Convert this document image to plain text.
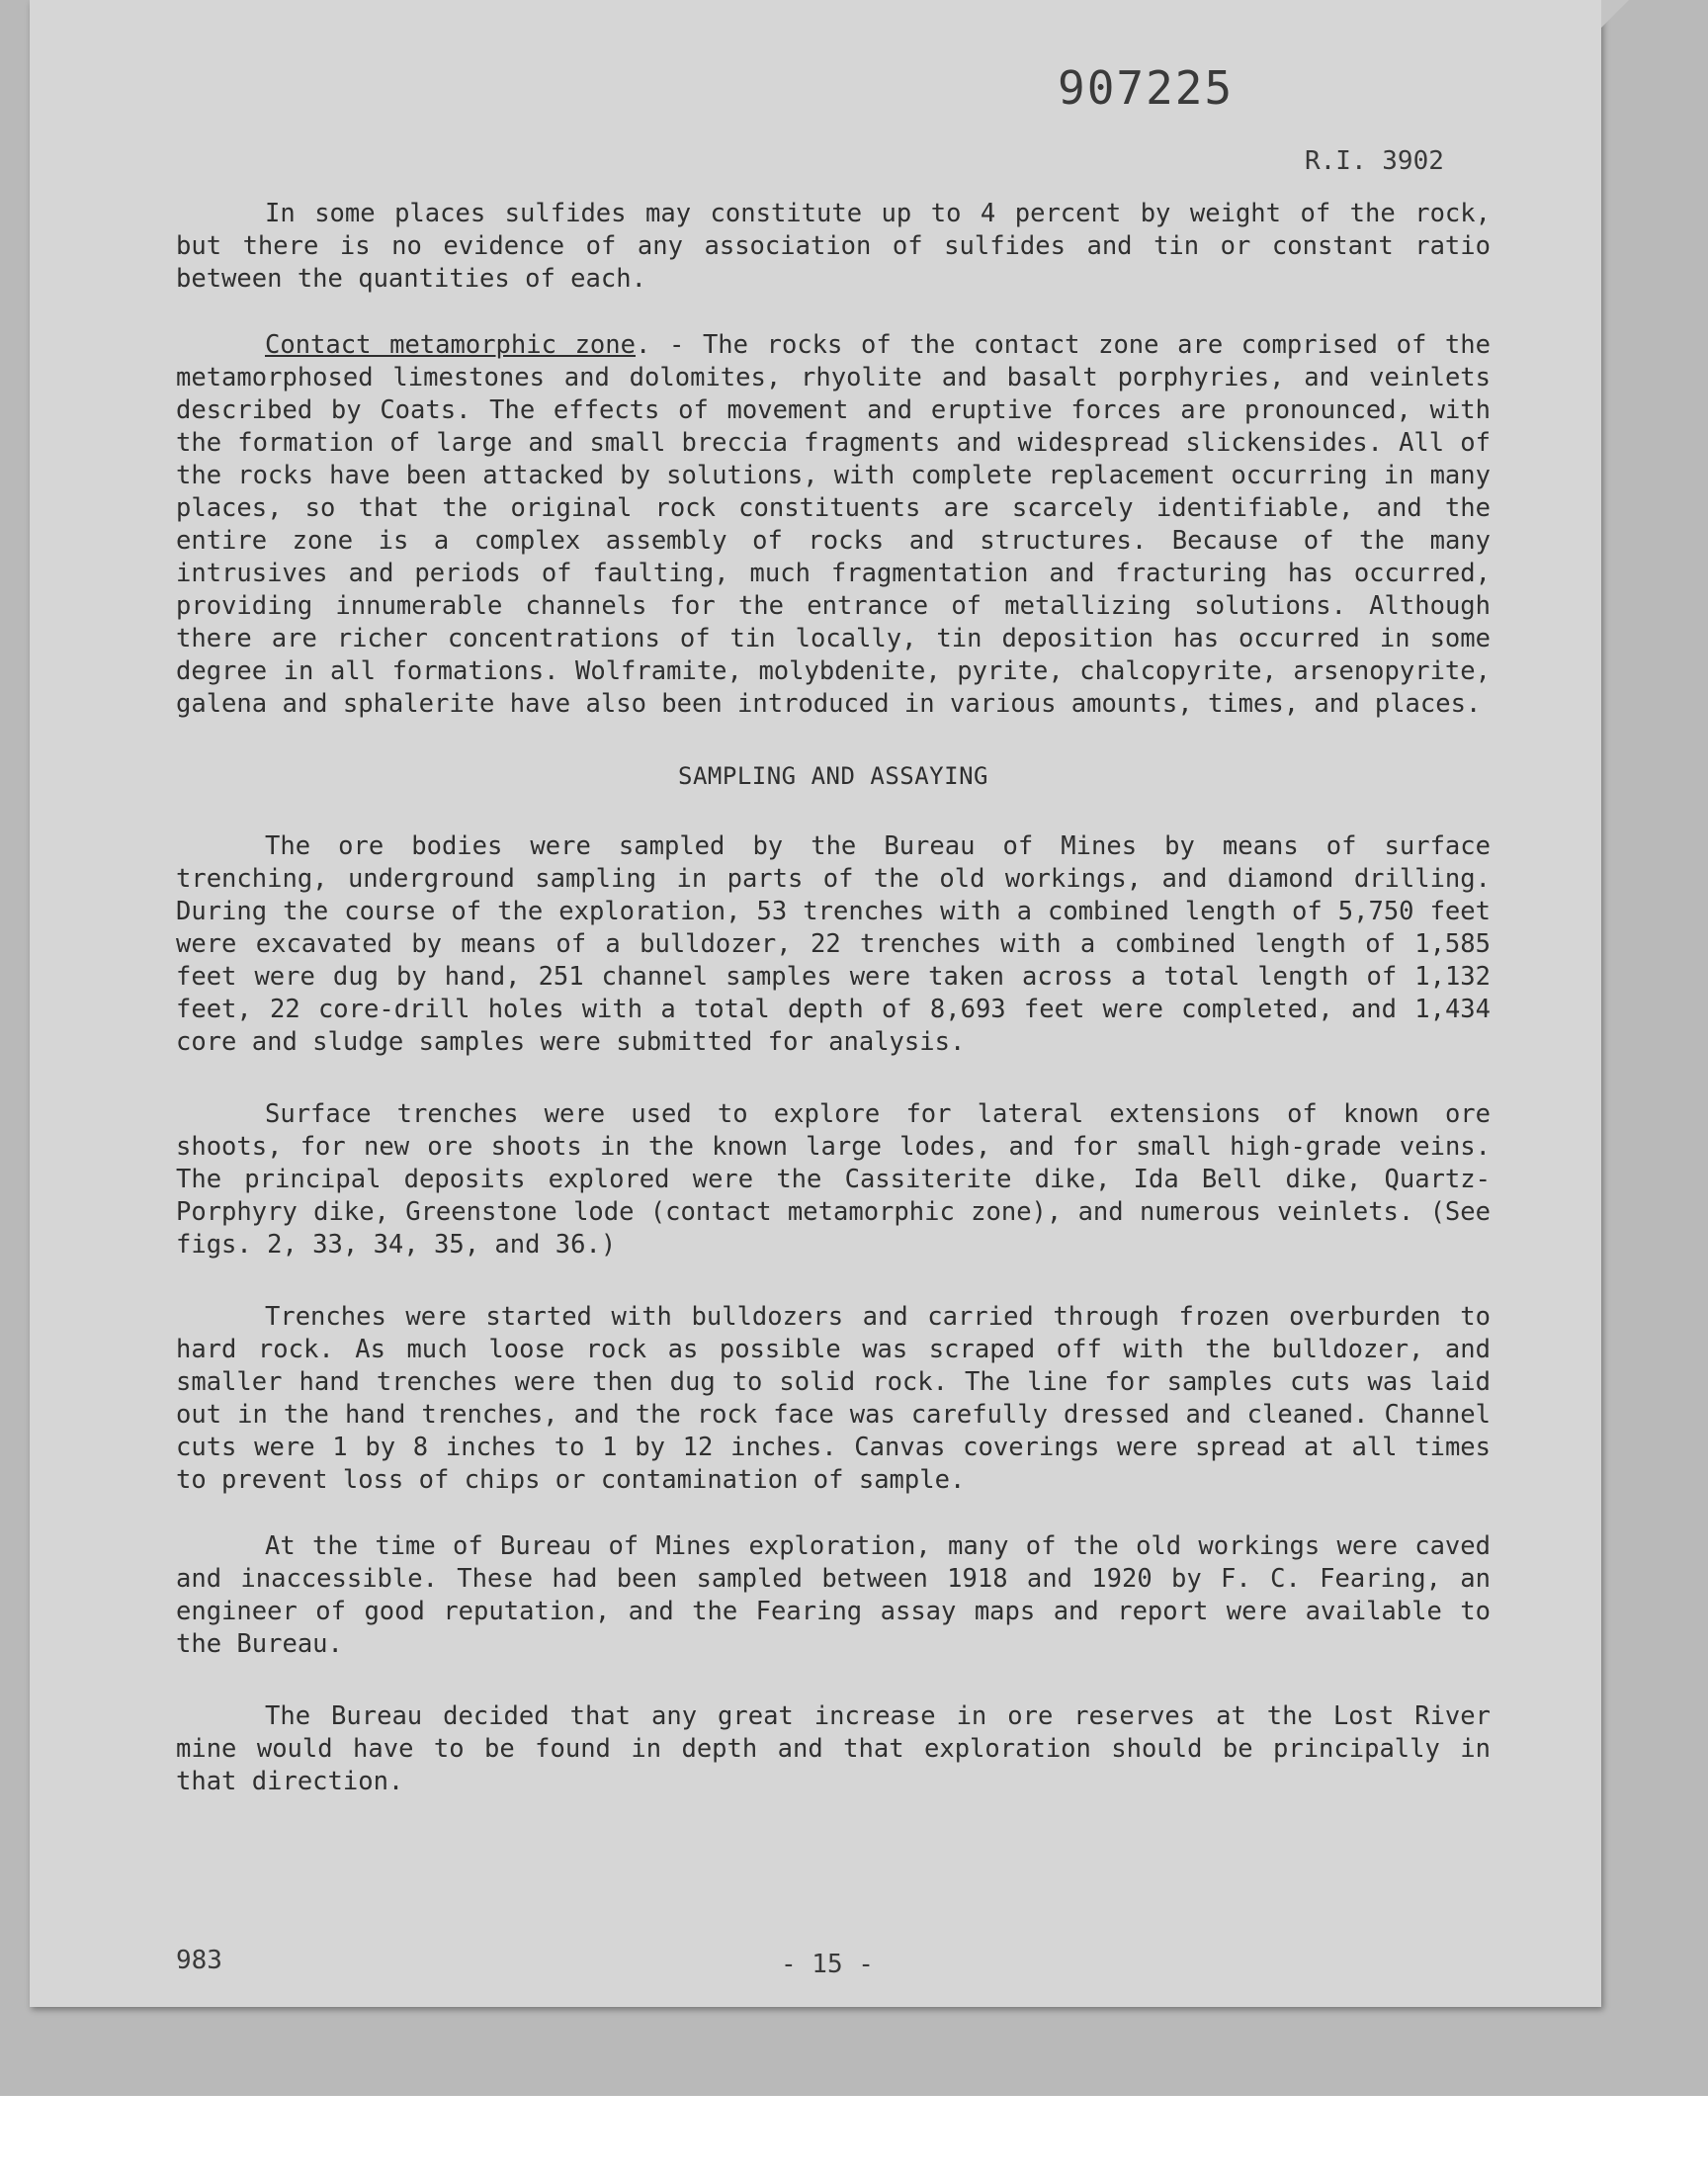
907225
R.I. 3902

In some places sulfides may constitute up to 4 percent by weight of the rock, but there is no evidence of any association of sulfides and tin or constant ratio between the quantities of each.

Contact metamorphic zone. - The rocks of the contact zone are comprised of the metamorphosed limestones and dolomites, rhyolite and basalt porphyries, and veinlets described by Coats. The effects of movement and eruptive forces are pronounced, with the formation of large and small breccia fragments and widespread slickensides. All of the rocks have been attacked by solutions, with complete replacement occurring in many places, so that the original rock constituents are scarcely identifiable, and the entire zone is a complex assembly of rocks and structures. Because of the many intrusives and periods of faulting, much fragmentation and fracturing has occurred, providing innumerable channels for the entrance of metallizing solutions. Although there are richer concentrations of tin locally, tin deposition has occurred in some degree in all formations. Wolframite, molybdenite, pyrite, chalcopyrite, arsenopyrite, galena and sphalerite have also been introduced in various amounts, times, and places.

SAMPLING AND ASSAYING

The ore bodies were sampled by the Bureau of Mines by means of surface trenching, underground sampling in parts of the old workings, and diamond drilling. During the course of the exploration, 53 trenches with a combined length of 5,750 feet were excavated by means of a bulldozer, 22 trenches with a combined length of 1,585 feet were dug by hand, 251 channel samples were taken across a total length of 1,132 feet, 22 core-drill holes with a total depth of 8,693 feet were completed, and 1,434 core and sludge samples were submitted for analysis.

Surface trenches were used to explore for lateral extensions of known ore shoots, for new ore shoots in the known large lodes, and for small high-grade veins. The principal deposits explored were the Cassiterite dike, Ida Bell dike, Quartz-Porphyry dike, Greenstone lode (contact metamorphic zone), and numerous veinlets. (See figs. 2, 33, 34, 35, and 36.)

Trenches were started with bulldozers and carried through frozen overburden to hard rock. As much loose rock as possible was scraped off with the bulldozer, and smaller hand trenches were then dug to solid rock. The line for samples cuts was laid out in the hand trenches, and the rock face was carefully dressed and cleaned. Channel cuts were 1 by 8 inches to 1 by 12 inches. Canvas coverings were spread at all times to prevent loss of chips or contamination of sample.

At the time of Bureau of Mines exploration, many of the old workings were caved and inaccessible. These had been sampled between 1918 and 1920 by F. C. Fearing, an engineer of good reputation, and the Fearing assay maps and report were available to the Bureau.

The Bureau decided that any great increase in ore reserves at the Lost River mine would have to be found in depth and that exploration should be principally in that direction.

983	- 15 -
